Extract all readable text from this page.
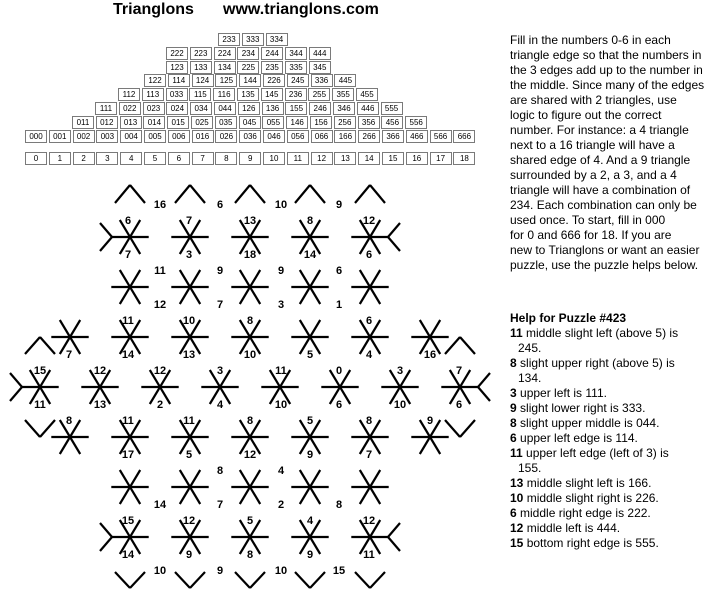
Trianglons www.trianglons.com
233	333	334
222	223	224	234	244	344	444
123	133	134	225	235	335	345
122	114	124	125	144	226	245	336	445
112	113	033	115	116	135	145	236	255	355	455
111	022	023	024	034	044	126	136	155	246	346	446	555
011	012	013	014	015	025	035	045	055	146	156	256	356	456	556
000	001	002	003	004	005	006	016	026	036	046	056	066	166	266	366	466	566	666
0	1	2	3	4	5	6	7	8	9	10	11	12	13	14	15	16	17	18
16
6	7
6
13
10
8
9
12
7	3	18	14	6
11	9	9	6
12	7	3	1
11	10	8	6
7	14	13	10	5	4	16
15	12	12	3	11	0	3	7
11	13	2	4	10	6	10	6
8	11	11	8	5	8	9
17	5	12	9	7
8	4
14	7	2	8
15	12	5	4	12
14	9	8	9	11
10	9	10	15
Fill in the numbers 0-6 in each
triangle edge so that the numbers in
the 3 edges add up to the number in
the middle. Since many of the edges
are shared with 2 triangles, use
logic to figure out the correct
number. For instance: a 4 triangle
next to a 16 triangle will have a
shared edge of 4. And a 9 triangle
surrounded by a 2, a 3, and a 4
triangle will have a combination of
234. Each combination can only be
used once. To start, fill in 000
for 0 and 666 for 18. If you are
new to Trianglons or want an easier
puzzle, use the puzzle helps below.
Help for Puzzle #423
11 middle slight left (above 5) is
245.
8 slight upper right (above 5) is
134.
3 upper left is 111.
9 slight lower right is 333.
8 slight upper middle is 044.
6 upper left edge is 114.
11 upper left edge (left of 3) is
155.
13 middle slight left is 166.
10 middle slight right is 226.
6 middle right edge is 222.
12 middle left is 444.
15 bottom right edge is 555.
